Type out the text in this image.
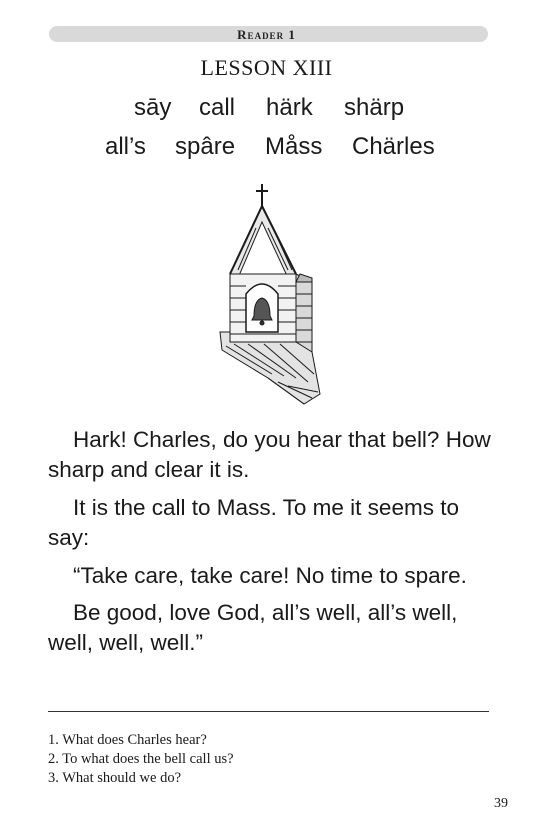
Reader 1
LESSON XIII
sāy call härk shärp
all’s spâre Måss Chärles

Hark! Charles, do you hear that bell? How sharp and clear it is.

It is the call to Mass. To me it seems to say:

“Take care, take care! No time to spare.

Be good, love God, all’s well, all’s well, well, well, well.”

1. What does Charles hear?
2. To what does the bell call us?
3. What should we do?
39
